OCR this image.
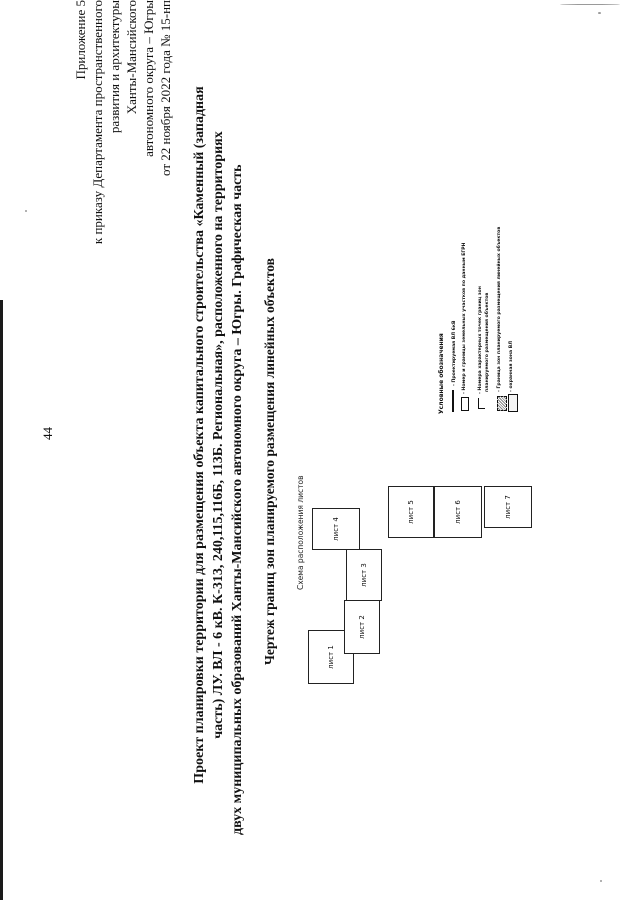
44
Приложение 5 к приказу Департамента пространственного развития и архитектуры Ханты-Мансийского автономного округа – Югры от 22 ноября 2022 года № 15-нп Проект планировки территории для размещения объекта капитального строительства «Каменный (западная часть) ЛУ. ВЛ - 6 кВ. К-313, 240,115,116Б, 113Б. Региональная», расположенного на территориях двух муниципальных образований Ханты-Мансийского автономного округа – Югры. Графическая часть Чертеж границ зон планируемого размещения линейных объектов	Схема расположения листов
лист 1
лист 2
лист 3
лист 4
лист 5	лист 6	лист 7
Условные обозначения - Проектируемая ВЛ 6кВ - Номер и границы земельных участков по данным ЕГРН - Номера характерных точек границ зон планируемого размещения объектов - Граница зон планируемого размещения линейных объектов - охранная зона ВЛ
